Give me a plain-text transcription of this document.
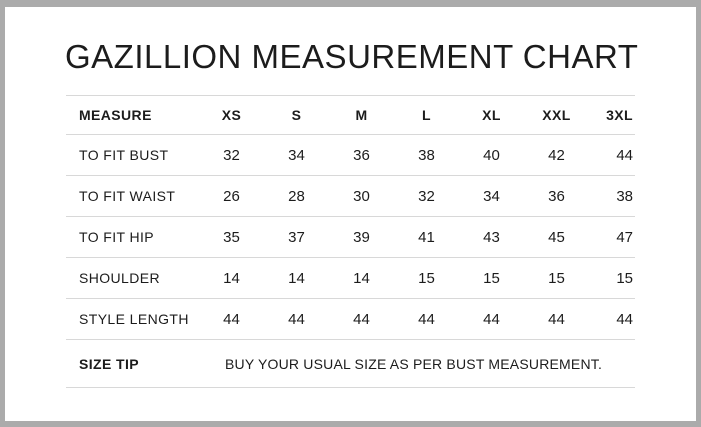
GAZILLION MEASUREMENT CHART
MEASURE	XS	S	M	L	XL	XXL	3XL
TO FIT BUST	32	34	36	38	40	42	44
TO FIT WAIST	26	28	30	32	34	36	38
TO FIT HIP	35	37	39	41	43	45	47
SHOULDER	14	14	14	15	15	15	15
STYLE LENGTH	44	44	44	44	44	44	44
SIZE TIP	BUY YOUR USUAL SIZE AS PER BUST MEASUREMENT.						
